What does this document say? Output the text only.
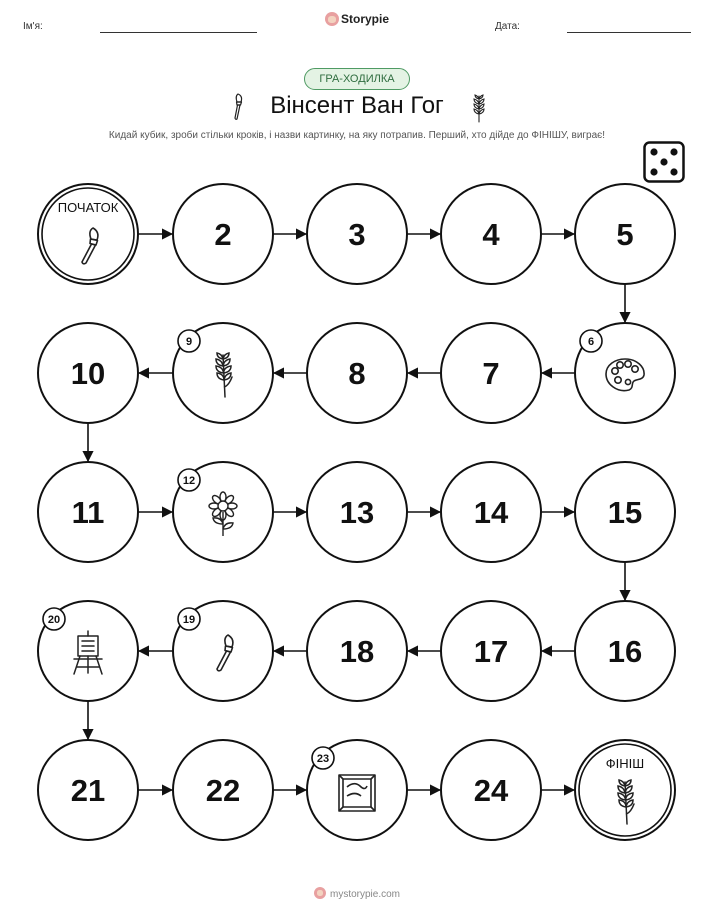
Ім'я:
Storypie
Дата:
ГРА-ХОДИЛКА
Вінсент Ван Гог
Кидай кубик, зроби стільки кроків, і назви картинку, на яку потрапив. Перший, хто дійде до ФІНІШУ, виграє!
ПОЧАТОК
2	3	4	5
6
7
8
9
10
11
12
13	14	15
16
17
18
19
20
21	22
23
24
ФІНІШ
mystorypie.com
